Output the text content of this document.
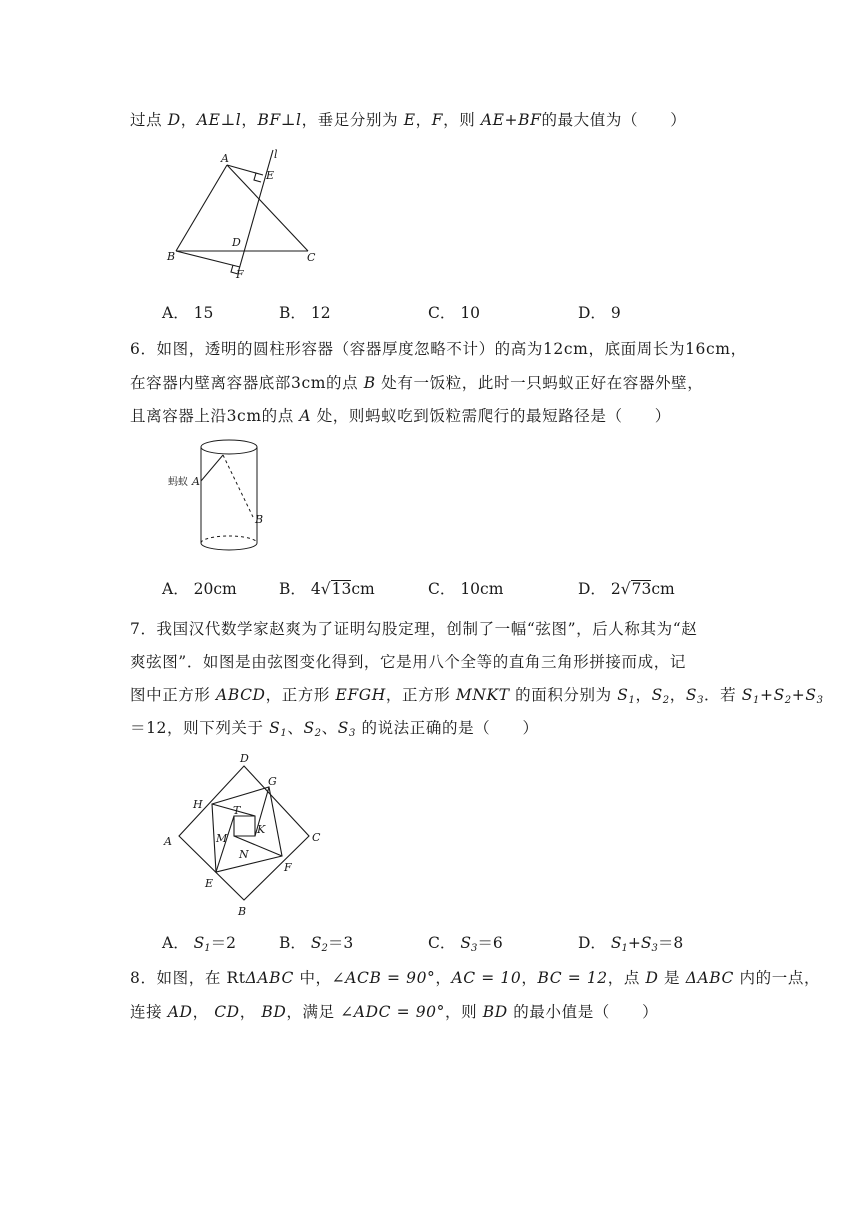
过点 D，AE⊥l，BF⊥l，垂足分别为 E，F，则 AE+BF的最大值为（　　）
A
B	C
D
E
F
l
A． 15	B． 12	C． 10	D． 9
6．如图，透明的圆柱形容器（容器厚度忽略不计）的高为12cm，底面周长为16cm，
在容器内壁离容器底部3cm的点 B 处有一饭粒，此时一只蚂蚁正好在容器外壁，
且离容器上沿3cm的点 A 处，则蚂蚁吃到饭粒需爬行的最短路径是（　　）
蚂蚁 A
B
A． 20cm	B． 4√13cm	C． 10cm	D． 2√73cm
7．我国汉代数学家赵爽为了证明勾股定理，创制了一幅“弦图”，后人称其为“赵
爽弦图”．如图是由弦图变化得到，它是用八个全等的直角三角形拼接而成，记
图中正方形 ABCD，正方形 EFGH，正方形 MNKT 的面积分别为 $S_1$，$S_2$，$S_3$．若 $S_1+S_2+S_3$
＝12，则下列关于 $S_1$、$S_2$、$S_3$ 的说法正确的是（　　）
D
A	C
B
H
G
F
E
T
K
M
N
A． $S_1=2$	B． $S_2=3$	C． $S_3=6$	D． $S_1+S_3=8$
8．如图，在 RtΔABC 中，∠ACB = 90°，AC = 10，BC = 12，点 D 是 ΔABC 内的一点，
连接 AD， CD， BD，满足 ∠ADC = 90°，则 BD 的最小值是（　　）
